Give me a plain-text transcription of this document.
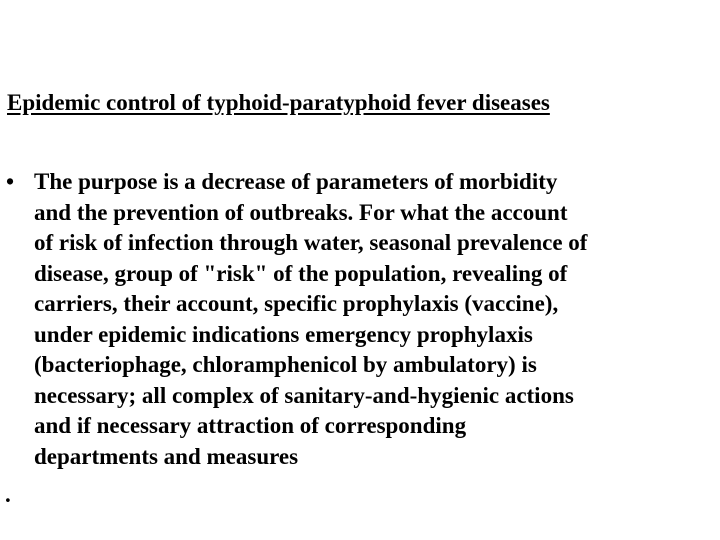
Epidemic control of typhoid-paratyphoid fever diseases
• The purpose is a decrease of parameters of morbidity
and the prevention of outbreaks. For what the account
of risk of infection through water, seasonal prevalence of
disease, group of "risk" of the population, revealing of
carriers, their account, specific prophylaxis (vaccine),
under epidemic indications emergency prophylaxis
(bacteriophage, chloramphenicol by ambulatory) is
necessary; all complex of sanitary-and-hygienic actions
and if necessary attraction of corresponding
departments and measures
.
